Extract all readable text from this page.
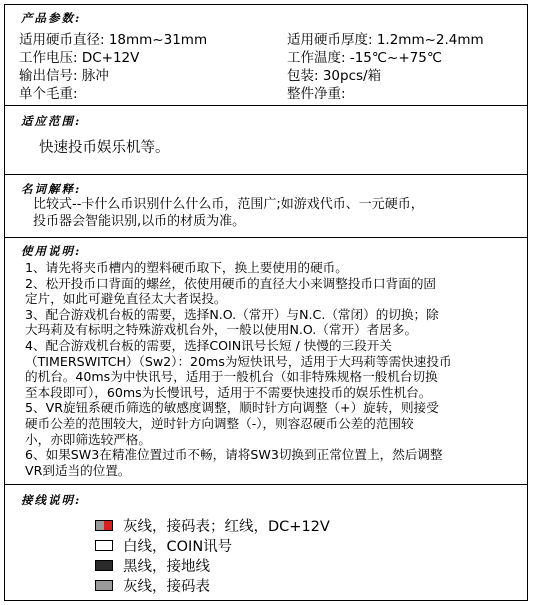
产品参数:
适用硬币直径: 18mm~31mm	适用硬币厚度: 1.2mm~2.4mm
工作电压: DC+12V	工作温度: -15℃~+75℃
输出信号: 脉冲	包装: 30pcs/箱
单个毛重:	整件净重:
适应范围:
快速投币娱乐机等。
名词解释:
比较式--卡什么币识别什么什么币，范围广;如游戏代币、一元硬币，
投币器会智能识别,以币的材质为准。
使用说明:
1、请先将夹币槽内的塑料硬币取下，换上要使用的硬币。
2、松开投币口背面的螺丝，依使用硬币的直径大小来调整投币口背面的固
定片，如此可避免直径太大者误投。
3、配合游戏机台板的需要，选择N.O.（常开）与N.C.（常闭）的切换；除
大玛莉及有标明之特殊游戏机台外，一般以使用N.O.（常开）者居多。
4、配合游戏机台板的需要，选择COIN讯号长短 / 快慢的三段开关
（TIMERSWITCH）（Sw2）：20ms为短快讯号，适用于大玛莉等需快速投币
的机台。40ms为中快讯号，适用于一般机台（如非特殊规格一般机台切换
至本段即可），60ms为长慢讯号，适用于不需要快速投币的娱乐性机台。
5、VR旋钮系硬币筛选的敏感度调整，顺时针方向调整（+）旋转，则接受
硬币公差的范围较大，逆时针方向调整（-），则容忍硬币公差的范围较
小，亦即筛选较严格。
6、如果SW3在精准位置过币不畅，请将SW3切换到正常位置上，然后调整
VR到适当的位置。
接线说明:
灰线，接码表；红线，DC+12V
白线，COIN讯号
黑线，接地线
灰线，接码表
